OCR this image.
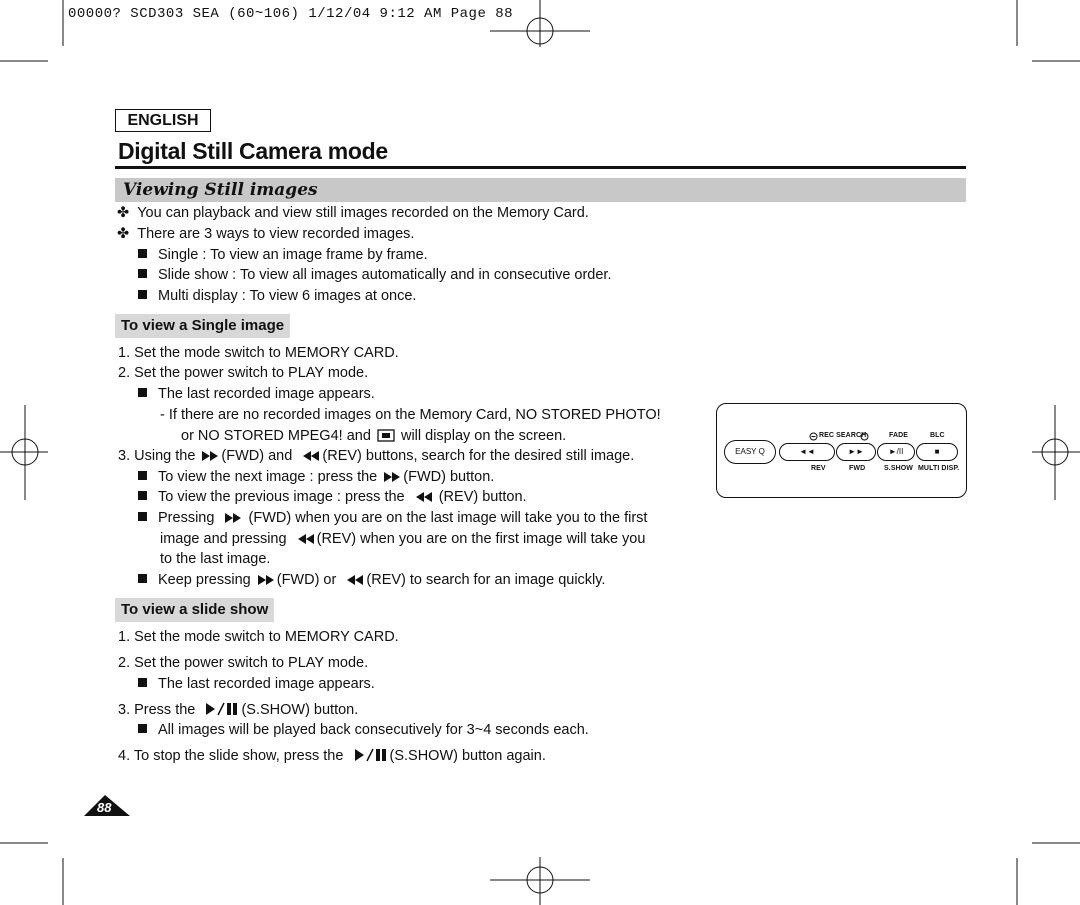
00000? SCD303 SEA (60~106) 1/12/04 9:12 AM Page 88
ENGLISH
Digital Still Camera mode
Viewing Still images
✤ You can playback and view still images recorded on the Memory Card.
✤ There are 3 ways to view recorded images.
Single : To view an image frame by frame.
Slide show : To view all images automatically and in consecutive order.
Multi display : To view 6 images at once.
To view a Single image
1. Set the mode switch to MEMORY CARD.
2. Set the power switch to PLAY mode.
The last recorded image appears.
- If there are no recorded images on the Memory Card, NO STORED PHOTO!
or NO STORED MPEG4! and will display on the screen.
3. Using the (FWD) and (REV) buttons, search for the desired still image.
To view the next image : press the (FWD) button.
To view the previous image : press the (REV) button.
Pressing (FWD) when you are on the last image will take you to the first
image and pressing (REV) when you are on the first image will take you
to the last image.
Keep pressing (FWD) or (REV) to search for an image quickly.
EASY Q
REC SEARCH	FADE	BLC
◄◄	►►	►/II	■
REV	FWD	S.SHOW MULTI DISP.
To view a slide show
1. Set the mode switch to MEMORY CARD.
2. Set the power switch to PLAY mode.
The last recorded image appears.
3. Press the	(S.SHOW) button.
All images will be played back consecutively for 3~4 seconds each.
4. To stop the slide show, press the	(S.SHOW) button again.
88
